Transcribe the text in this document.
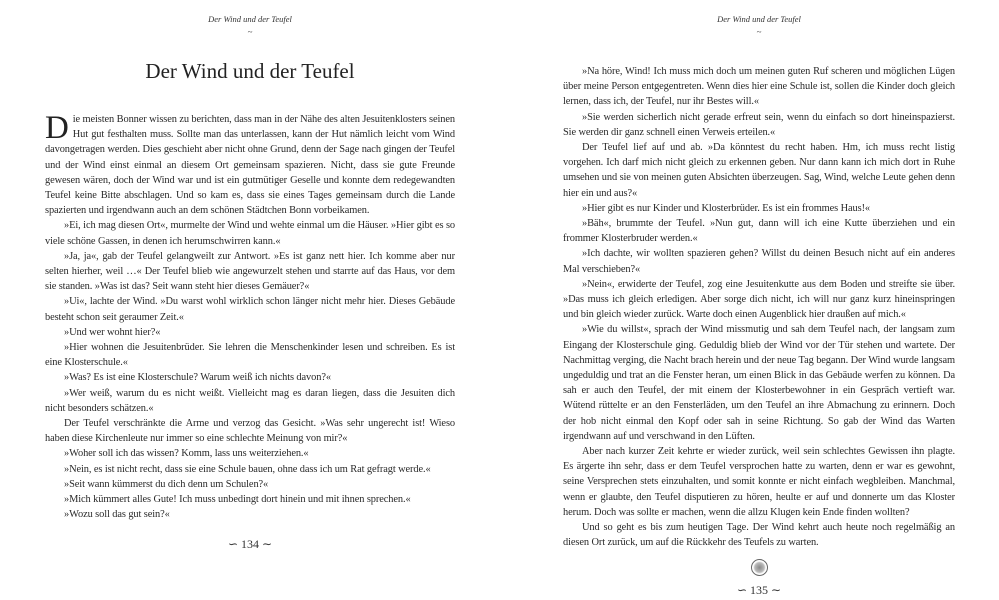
Der Wind und der Teufel
~
Der Wind und der Teufel

Die meisten Bonner wissen zu berichten, dass man in der Nähe des alten Jesuitenklosters seinen Hut gut festhalten muss. Sollte man das unterlassen, kann der Hut nämlich leicht vom Wind davongetragen werden. Dies geschieht aber nicht ohne Grund, denn der Sage nach gingen der Teufel und der Wind einst einmal an diesem Ort gemeinsam spazieren. Nicht, dass sie gute Freunde gewesen wären, doch der Wind war und ist ein gutmütiger Geselle und konnte dem redegewandten Teufel keine Bitte abschlagen. Und so kam es, dass sie eines Tages gemeinsam durch die Lande spazierten und irgendwann auch an dem schönen Städtchen Bonn vorbeikamen.

»Ei, ich mag diesen Ort«, murmelte der Wind und wehte einmal um die Häuser. »Hier gibt es so viele schöne Gassen, in denen ich herumschwirren kann.«

»Ja, ja«, gab der Teufel gelangweilt zur Antwort. »Es ist ganz nett hier. Ich komme aber nur selten hierher, weil …« Der Teufel blieb wie angewurzelt stehen und starrte auf das Haus, vor dem sie standen. »Was ist das? Seit wann steht hier dieses Gemäuer?«

»Ui«, lachte der Wind. »Du warst wohl wirklich schon länger nicht mehr hier. Dieses Gebäude besteht schon seit geraumer Zeit.«

»Und wer wohnt hier?«

»Hier wohnen die Jesuitenbrüder. Sie lehren die Menschenkinder lesen und schreiben. Es ist eine Klosterschule.«

»Was? Es ist eine Klosterschule? Warum weiß ich nichts davon?«

»Wer weiß, warum du es nicht weißt. Vielleicht mag es daran liegen, dass die Jesuiten dich nicht besonders schätzen.«

Der Teufel verschränkte die Arme und verzog das Gesicht. »Was sehr ungerecht ist! Wieso haben diese Kirchenleute nur immer so eine schlechte Meinung von mir?«

»Woher soll ich das wissen? Komm, lass uns weiterziehen.«

»Nein, es ist nicht recht, dass sie eine Schule bauen, ohne dass ich um Rat gefragt werde.«

»Seit wann kümmerst du dich denn um Schulen?«

»Mich kümmert alles Gute! Ich muss unbedingt dort hinein und mit ihnen sprechen.«

»Wozu soll das gut sein?«

∽ 134 ∼
Der Wind und der Teufel
~

»Na höre, Wind! Ich muss mich doch um meinen guten Ruf scheren und möglichen Lügen über meine Person entgegentreten. Wenn dies hier eine Schule ist, sollen die Kinder doch gleich lernen, dass ich, der Teufel, nur ihr Bestes will.«

»Sie werden sicherlich nicht gerade erfreut sein, wenn du einfach so dort hineinspazierst. Sie werden dir ganz schnell einen Verweis erteilen.«

Der Teufel lief auf und ab. »Da könntest du recht haben. Hm, ich muss recht listig vorgehen. Ich darf mich nicht gleich zu erkennen geben. Nur dann kann ich mich dort in Ruhe umsehen und sie von meinen guten Absichten überzeugen. Sag, Wind, welche Leute gehen denn hier ein und aus?«

»Hier gibt es nur Kinder und Klosterbrüder. Es ist ein frommes Haus!«

»Bäh«, brummte der Teufel. »Nun gut, dann will ich eine Kutte überziehen und ein frommer Klosterbruder werden.«

»Ich dachte, wir wollten spazieren gehen? Willst du deinen Besuch nicht auf ein anderes Mal verschieben?«

»Nein«, erwiderte der Teufel, zog eine Jesuitenkutte aus dem Boden und streifte sie über. »Das muss ich gleich erledigen. Aber sorge dich nicht, ich will nur ganz kurz hineinspringen und bin gleich wieder zurück. Warte doch einen Augenblick hier draußen auf mich.«

»Wie du willst«, sprach der Wind missmutig und sah dem Teufel nach, der langsam zum Eingang der Klosterschule ging. Geduldig blieb der Wind vor der Tür stehen und wartete. Der Nachmittag verging, die Nacht brach herein und der neue Tag begann. Der Wind wurde langsam ungeduldig und trat an die Fenster heran, um einen Blick in das Gebäude werfen zu können. Da sah er auch den Teufel, der mit einem der Klosterbewohner in ein Gespräch vertieft war. Wütend rüttelte er an den Fensterläden, um den Teufel an ihre Abmachung zu erinnern. Doch der hob nicht einmal den Kopf oder sah in seine Richtung. So gab der Wind das Warten irgendwann auf und verschwand in den Lüften.

Aber nach kurzer Zeit kehrte er wieder zurück, weil sein schlechtes Gewissen ihn plagte. Es ärgerte ihn sehr, dass er dem Teufel versprochen hatte zu warten, denn er war es gewohnt, seine Versprechen stets einzuhalten, und somit konnte er nicht einfach wegbleiben. Manchmal, wenn er glaubte, den Teufel disputieren zu hören, heulte er auf und donnerte um das Kloster herum. Doch was sollte er machen, wenn die allzu Klugen kein Ende finden wollten?

Und so geht es bis zum heutigen Tage. Der Wind kehrt auch heute noch regelmäßig an diesen Ort zurück, um auf die Rückkehr des Teufels zu warten.

∽ 135 ∼
